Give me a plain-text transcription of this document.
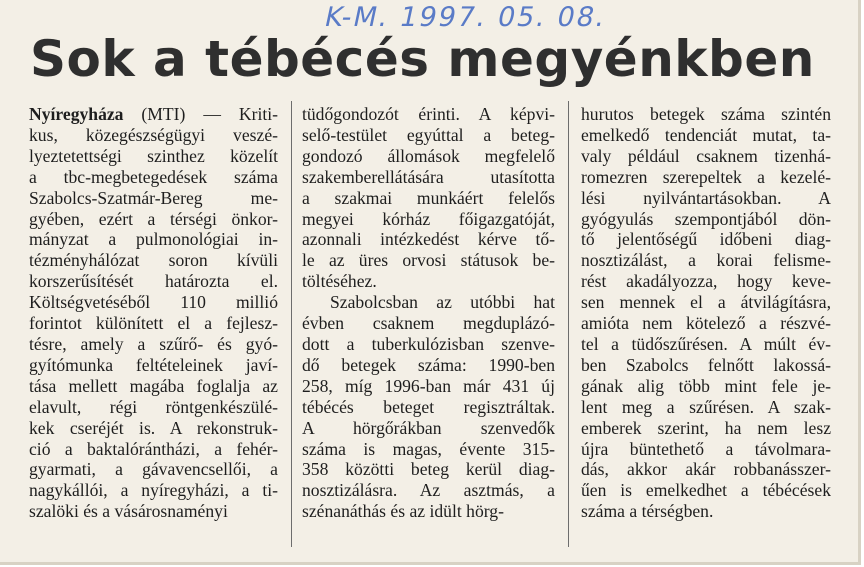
K-M. 1997. 05. 08.
Sok a tébécés megyénkben
Nyíregyháza (MTI) — Kriti-
kus, közegészségügyi veszé-
lyeztetettségi szinthez közelít
a tbc-megbetegedések száma
Szabolcs-Szatmár-Bereg me-
gyében, ezért a térségi önkor-
mányzat a pulmonológiai in-
tézményhálózat soron kívüli
korszerűsítését határozta el.
Költségvetéséből 110 millió
forintot különített el a fejlesz-
tésre, amely a szűrő- és gyó-
gyítómunka feltételeinek javí-
tása mellett magába foglalja az
elavult, régi röntgenkészülé-
kek cseréjét is. A rekonstruk-
ció a baktalórántházi, a fehér-
gyarmati, a gávavencsellői, a
nagykállói, a nyíregyházi, a ti-
szalöki és a vásárosnaményi
tüdőgondozót érinti. A képvi-
selő-testület egyúttal a beteg-
gondozó állomások megfelelő
szakemberellátására utasította
a szakmai munkáért felelős
megyei kórház főigazgatóját,
azonnali intézkedést kérve tő-
le az üres orvosi státusok be-
töltéséhez.
Szabolcsban az utóbbi hat
évben csaknem megduplázó-
dott a tuberkulózisban szenve-
dő betegek száma: 1990-ben
258, míg 1996-ban már 431 új
tébécés beteget regisztráltak.
A hörgőrákban szenvedők
száma is magas, évente 315-
358 közötti beteg kerül diag-
nosztizálásra. Az asztmás, a
szénanáthás és az idült hörg-
hurutos betegek száma szintén
emelkedő tendenciát mutat, ta-
valy például csaknem tizenhá-
romezren szerepeltek a kezelé-
lési nyilvántartásokban. A
gyógyulás szempontjából dön-
tő jelentőségű időbeni diag-
nosztizálást, a korai felisme-
rést akadályozza, hogy keve-
sen mennek el a átvilágításra,
amióta nem kötelező a részvé-
tel a tüdőszűrésen. A múlt év-
ben Szabolcs felnőtt lakossá-
gának alig több mint fele je-
lent meg a szűrésen. A szak-
emberek szerint, ha nem lesz
újra büntethető a távolmara-
dás, akkor akár robbanásszer-
űen is emelkedhet a tébécések
száma a térségben.
